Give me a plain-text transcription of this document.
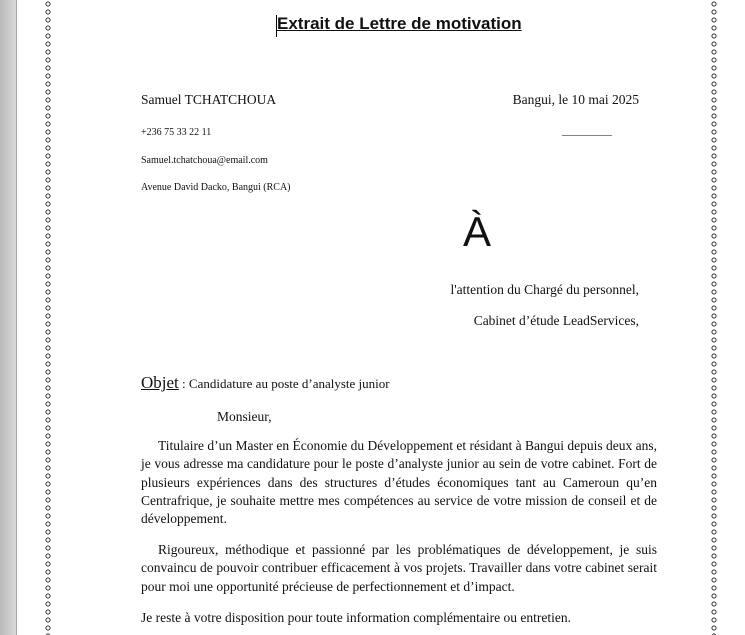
Extrait de Lettre de motivation
Samuel TCHATCHOUA	Bangui, le 10 mai 2025
+236 75 33 22 11	__________
Samuel.tchatchoua@email.com
Avenue David Dacko, Bangui (RCA)
À
l'attention du Chargé du personnel,
Cabinet d’étude LeadServices,
Objet : Candidature au poste d’analyste junior
Monsieur,
Titulaire d’un Master en Économie du Développement et résidant à Bangui depuis deux ans, je vous adresse ma candidature pour le poste d’analyste junior au sein de votre cabinet. Fort de plusieurs expériences dans des structures d’études économiques tant au Cameroun qu’en Centrafrique, je souhaite mettre mes compétences au service de votre mission de conseil et de développement.
Rigoureux, méthodique et passionné par les problématiques de développement, je suis convaincu de pouvoir contribuer efficacement à vos projets. Travailler dans votre cabinet serait pour moi une opportunité précieuse de perfectionnement et d’impact.
Je reste à votre disposition pour toute information complémentaire ou entretien.
